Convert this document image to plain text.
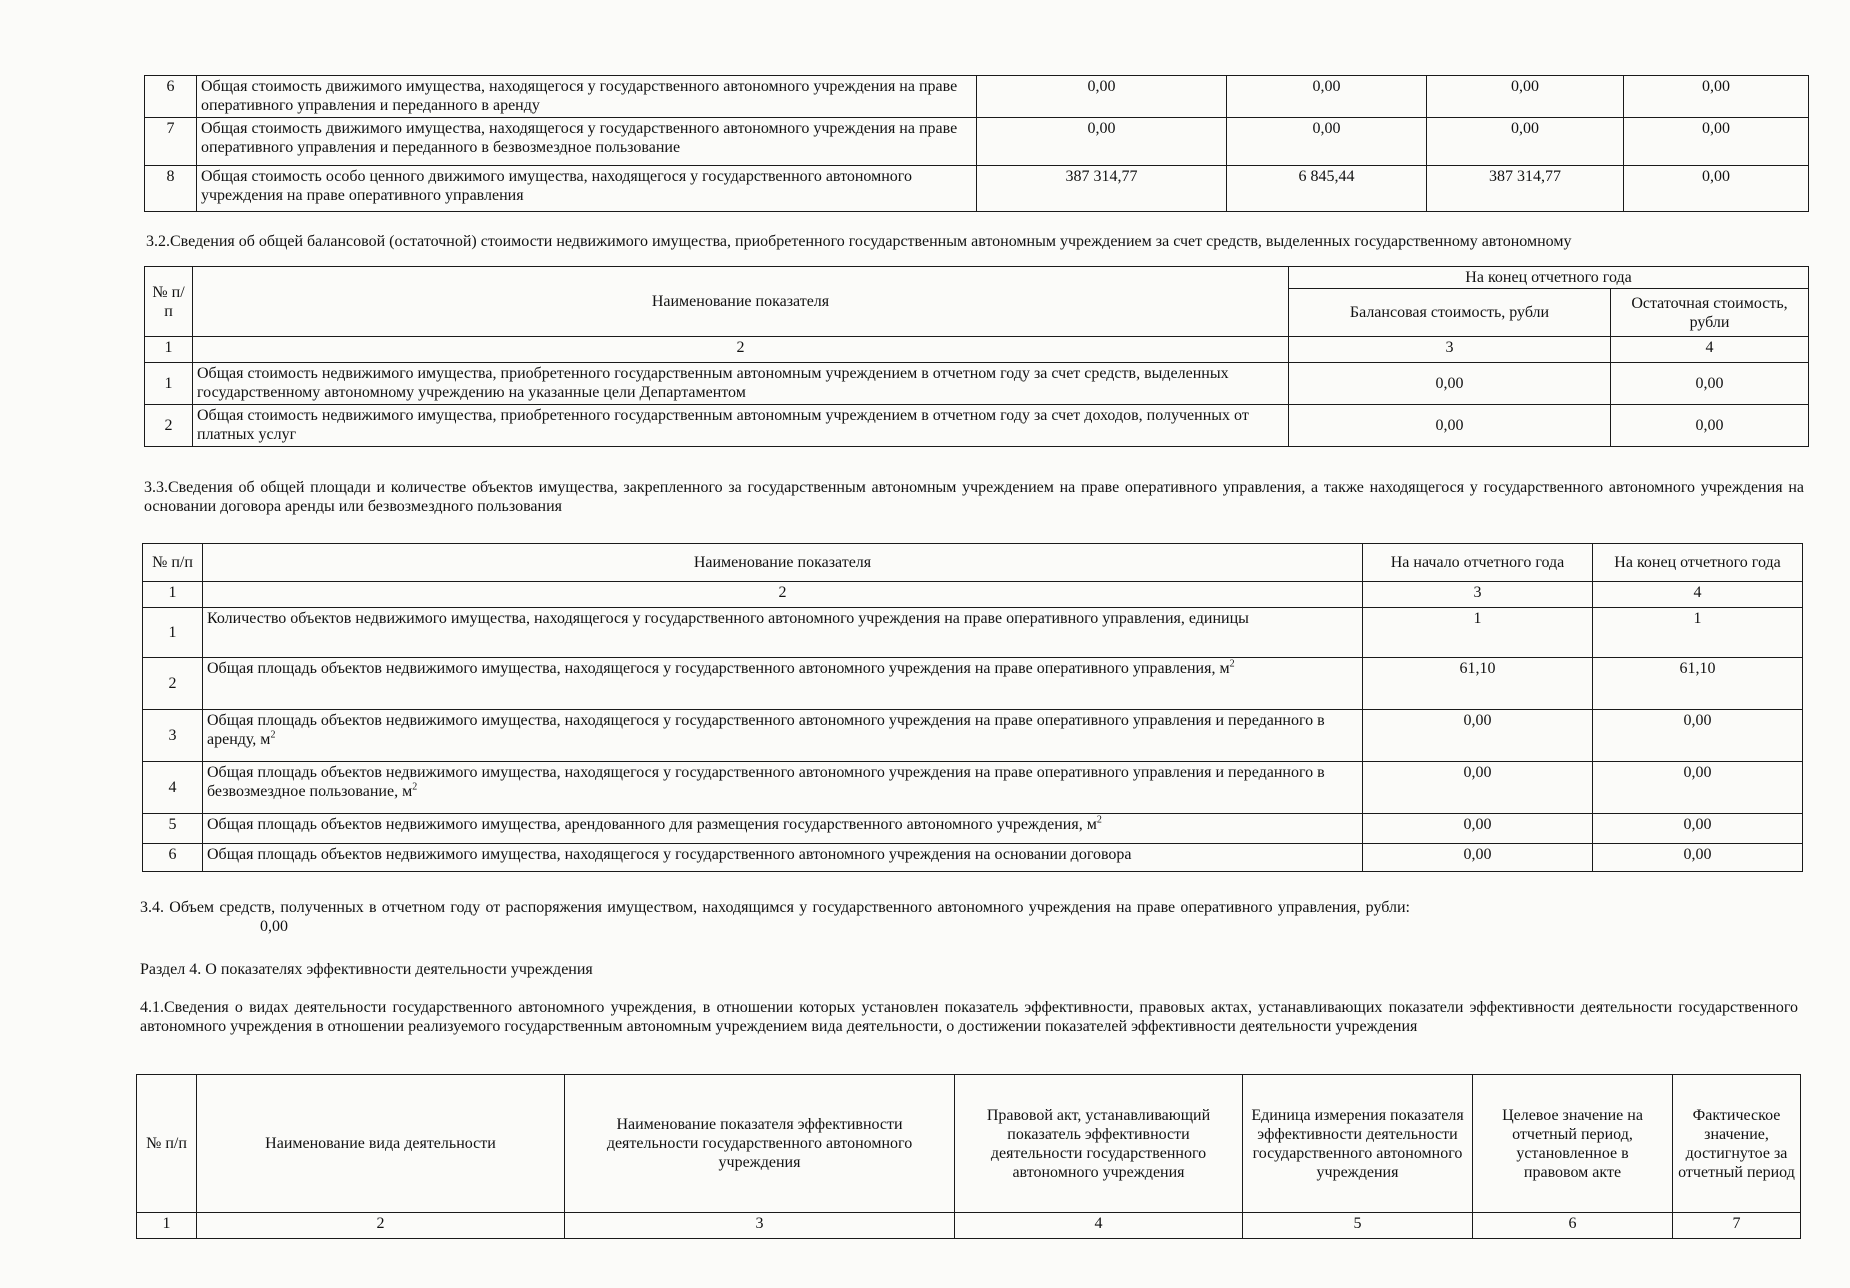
6	Общая стоимость движимого имущества, находящегося у государственного автономного учреждения на праве оперативного управления и переданного в аренду	0,00	0,00	0,00	0,00
7	Общая стоимость движимого имущества, находящегося у государственного автономного учреждения на праве оперативного управления и переданного в безвозмездное пользование	0,00	0,00	0,00	0,00
8	Общая стоимость особо ценного движимого имущества, находящегося у государственного автономного учреждения на праве оперативного управления	387 314,77	6 845,44	387 314,77	0,00
3.2.Сведения об общей балансовой (остаточной) стоимости недвижимого имущества, приобретенного государственным автономным учреждением за счет средств, выделенных государственному автономному
№ п/п	Наименование показателя	На конец отчетного года	
		Балансовая стоимость, рубли	Остаточная стоимость, рубли
1	2	3	4
1	Общая стоимость недвижимого имущества, приобретенного государственным автономным учреждением в отчетном году за счет средств, выделенных государственному автономному учреждению на указанные цели Департаментом	0,00	0,00
2	Общая стоимость недвижимого имущества, приобретенного государственным автономным учреждением в отчетном году за счет доходов, полученных от платных услуг	0,00	0,00
3.3.Сведения об общей площади и количестве объектов имущества, закрепленного за государственным автономным учреждением на праве оперативного управления, а также находящегося у государственного автономного учреждения на основании договора аренды или безвозмездного пользования
№ п/п	Наименование показателя	На начало отчетного года	На конец отчетного года
1	2	3	4
1	Количество объектов недвижимого имущества, находящегося у государственного автономного учреждения на праве оперативного управления, единицы	1	1
2	Общая площадь объектов недвижимого имущества, находящегося у государственного автономного учреждения на праве оперативного управления, $м^2$	61,10	61,10
3	Общая площадь объектов недвижимого имущества, находящегося у государственного автономного учреждения на праве оперативного управления и переданного в аренду, $м^2$	0,00	0,00
4	Общая площадь объектов недвижимого имущества, находящегося у государственного автономного учреждения на праве оперативного управления и переданного в безвозмездное пользование, $м^2$	0,00	0,00
5	Общая площадь объектов недвижимого имущества, арендованного для размещения государственного автономного учреждения, $м^2$	0,00	0,00
6	Общая площадь объектов недвижимого имущества, находящегося у государственного автономного учреждения на основании договора	0,00	0,00
3.4. Объем средств, полученных в отчетном году от распоряжения имуществом, находящимся у государственного автономного учреждения на праве оперативного управления, рубли: 0,00
Раздел 4. О показателях эффективности деятельности учреждения
4.1.Сведения о видах деятельности государственного автономного учреждения, в отношении которых установлен показатель эффективности, правовых актах, устанавливающих показатели эффективности деятельности государственного автономного учреждения в отношении реализуемого государственным автономным учреждением вида деятельности, о достижении показателей эффективности деятельности учреждения
№ п/п	Наименование вида деятельности	Наименование показателя эффективности деятельности государственного автономного учреждения	Правовой акт, устанавливающий показатель эффективности деятельности государственного автономного учреждения	Единица измерения показателя эффективности деятельности государственного автономного учреждения	Целевое значение на отчетный период, установленное в правовом акте	Фактическое значение, достигнутое за отчетный период
1	2	3	4	5	6	7
